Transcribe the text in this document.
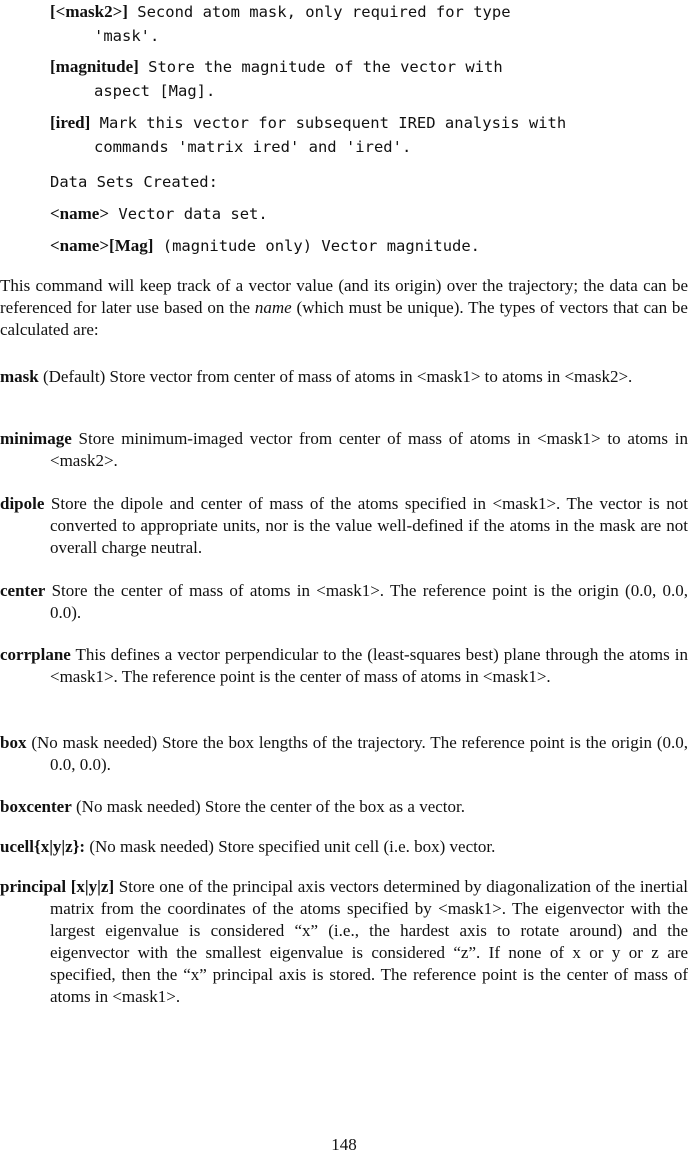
[<mask2>] Second atom mask, only required for type
'mask'.
[magnitude] Store the magnitude of the vector with
aspect [Mag].
[ired] Mark this vector for subsequent IRED analysis with
commands 'matrix ired' and 'ired'.
Data Sets Created:
<name> Vector data set.
<name>[Mag] (magnitude only) Vector magnitude.
This command will keep track of a vector value (and its origin) over the trajectory; the data can be referenced for later use based on the name (which must be unique). The types of vectors that can be calculated are:
mask (Default) Store vector from center of mass of atoms in <mask1> to atoms in <mask2>.
minimage Store minimum-imaged vector from center of mass of atoms in <mask1> to atoms in <mask2>.
dipole Store the dipole and center of mass of the atoms specified in <mask1>. The vector is not converted to appropriate units, nor is the value well-defined if the atoms in the mask are not overall charge neutral.
center Store the center of mass of atoms in <mask1>. The reference point is the origin (0.0, 0.0, 0.0).
corrplane This defines a vector perpendicular to the (least-squares best) plane through the atoms in <mask1>. The reference point is the center of mass of atoms in <mask1>.
box (No mask needed) Store the box lengths of the trajectory. The reference point is the origin (0.0, 0.0, 0.0).
boxcenter (No mask needed) Store the center of the box as a vector.
ucell{x|y|z}: (No mask needed) Store specified unit cell (i.e. box) vector.
principal [x|y|z] Store one of the principal axis vectors determined by diagonalization of the inertial matrix from the coordinates of the atoms specified by <mask1>. The eigenvector with the largest eigenvalue is considered “x” (i.e., the hardest axis to rotate around) and the eigenvector with the smallest eigenvalue is considered “z”. If none of x or y or z are specified, then the “x” principal axis is stored. The reference point is the center of mass of atoms in <mask1>.
148
